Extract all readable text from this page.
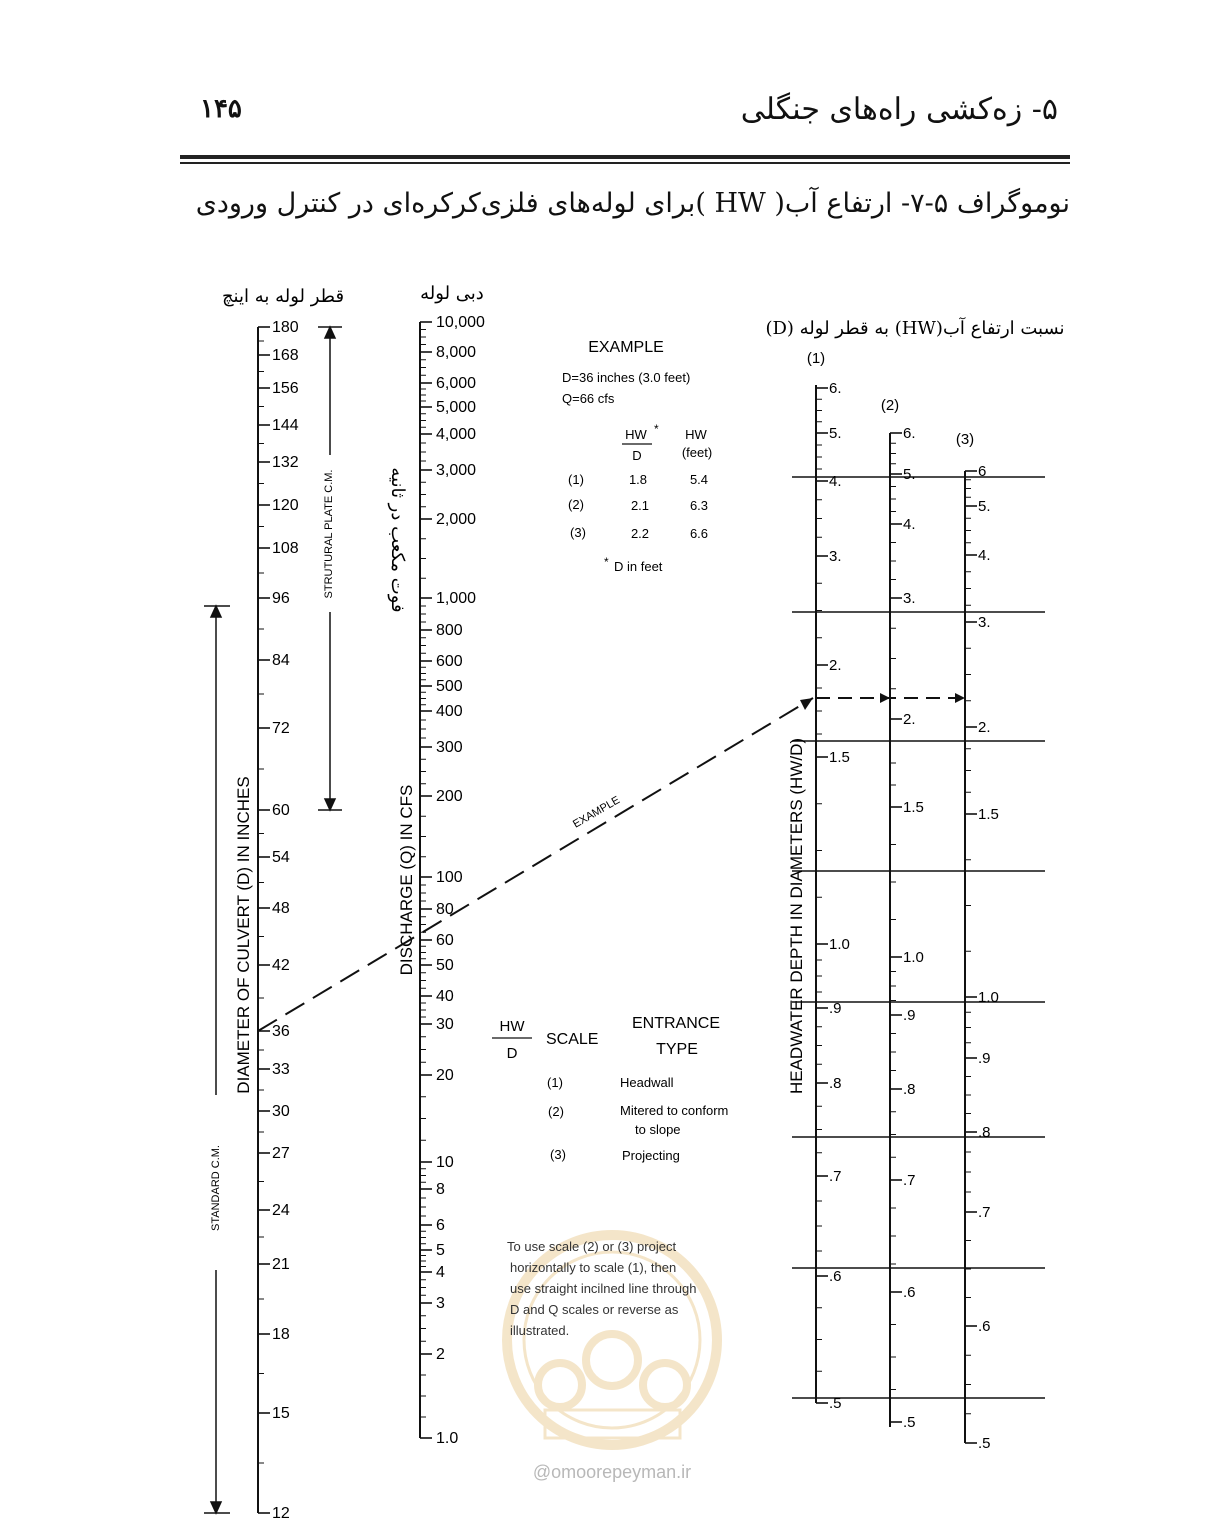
۱۴۵	۵- زه‌کشی راه‌های جنگلی
نوموگراف ۵-۷- ارتفاع آب( HW )برای لوله‌های فلزی‌کرکره‌ای در کنترل ورودی
@omoorepeyman.ir
قطر لوله به اینچ	دبی لوله
نسبت ارتفاع آب(HW) به قطر لوله (D)
180
168
156
144
132
120
108
96
84
72
60
54
48
42
36
33
30
27
24
21
18
15
12
DIAMETER OF CULVERT (D) IN INCHES
STRUTURAL PLATE C.M.
STANDARD C.M.
10,000
8,000
6,000
5,000
4,000
3,000
2,000
1,000
800
600
500
400
300
200
100
80
60
50
40
30
20
10
8
6
5
4
3
2
1.0
DISCHARGE (Q) IN CFS
فوت مکعب در ثانیه
6.
5.
4.
3.
2.
1.5
1.0
.9
.8
.7
.6
.5
6.
5.
4.
3.
2.
1.5
1.0
.9
.8
.7
.6
.5
6
5.
4.
3.
2.
1.5
1.0
.9
.8
.7
.6
.5
(1)
(2)
(3)
HEADWATER DEPTH IN DIAMETERS (HW/D)
EXAMPLE
EXAMPLE
D=36 inches (3.0 feet)
Q=66 cfs
HW *
D
HW
(feet)
(1)	1.8	5.4
(2)	2.1	6.3
(3)	2.2	6.6
* D in feet
HW
D
SCALE
ENTRANCE
TYPE
(1)	Headwall
(2)	Mitered to conform
to slope
(3)	Projecting
To use scale (2) or (3) project
horizontally to scale (1), then
use straight incilned line through
D and Q scales or reverse as
illustrated.
